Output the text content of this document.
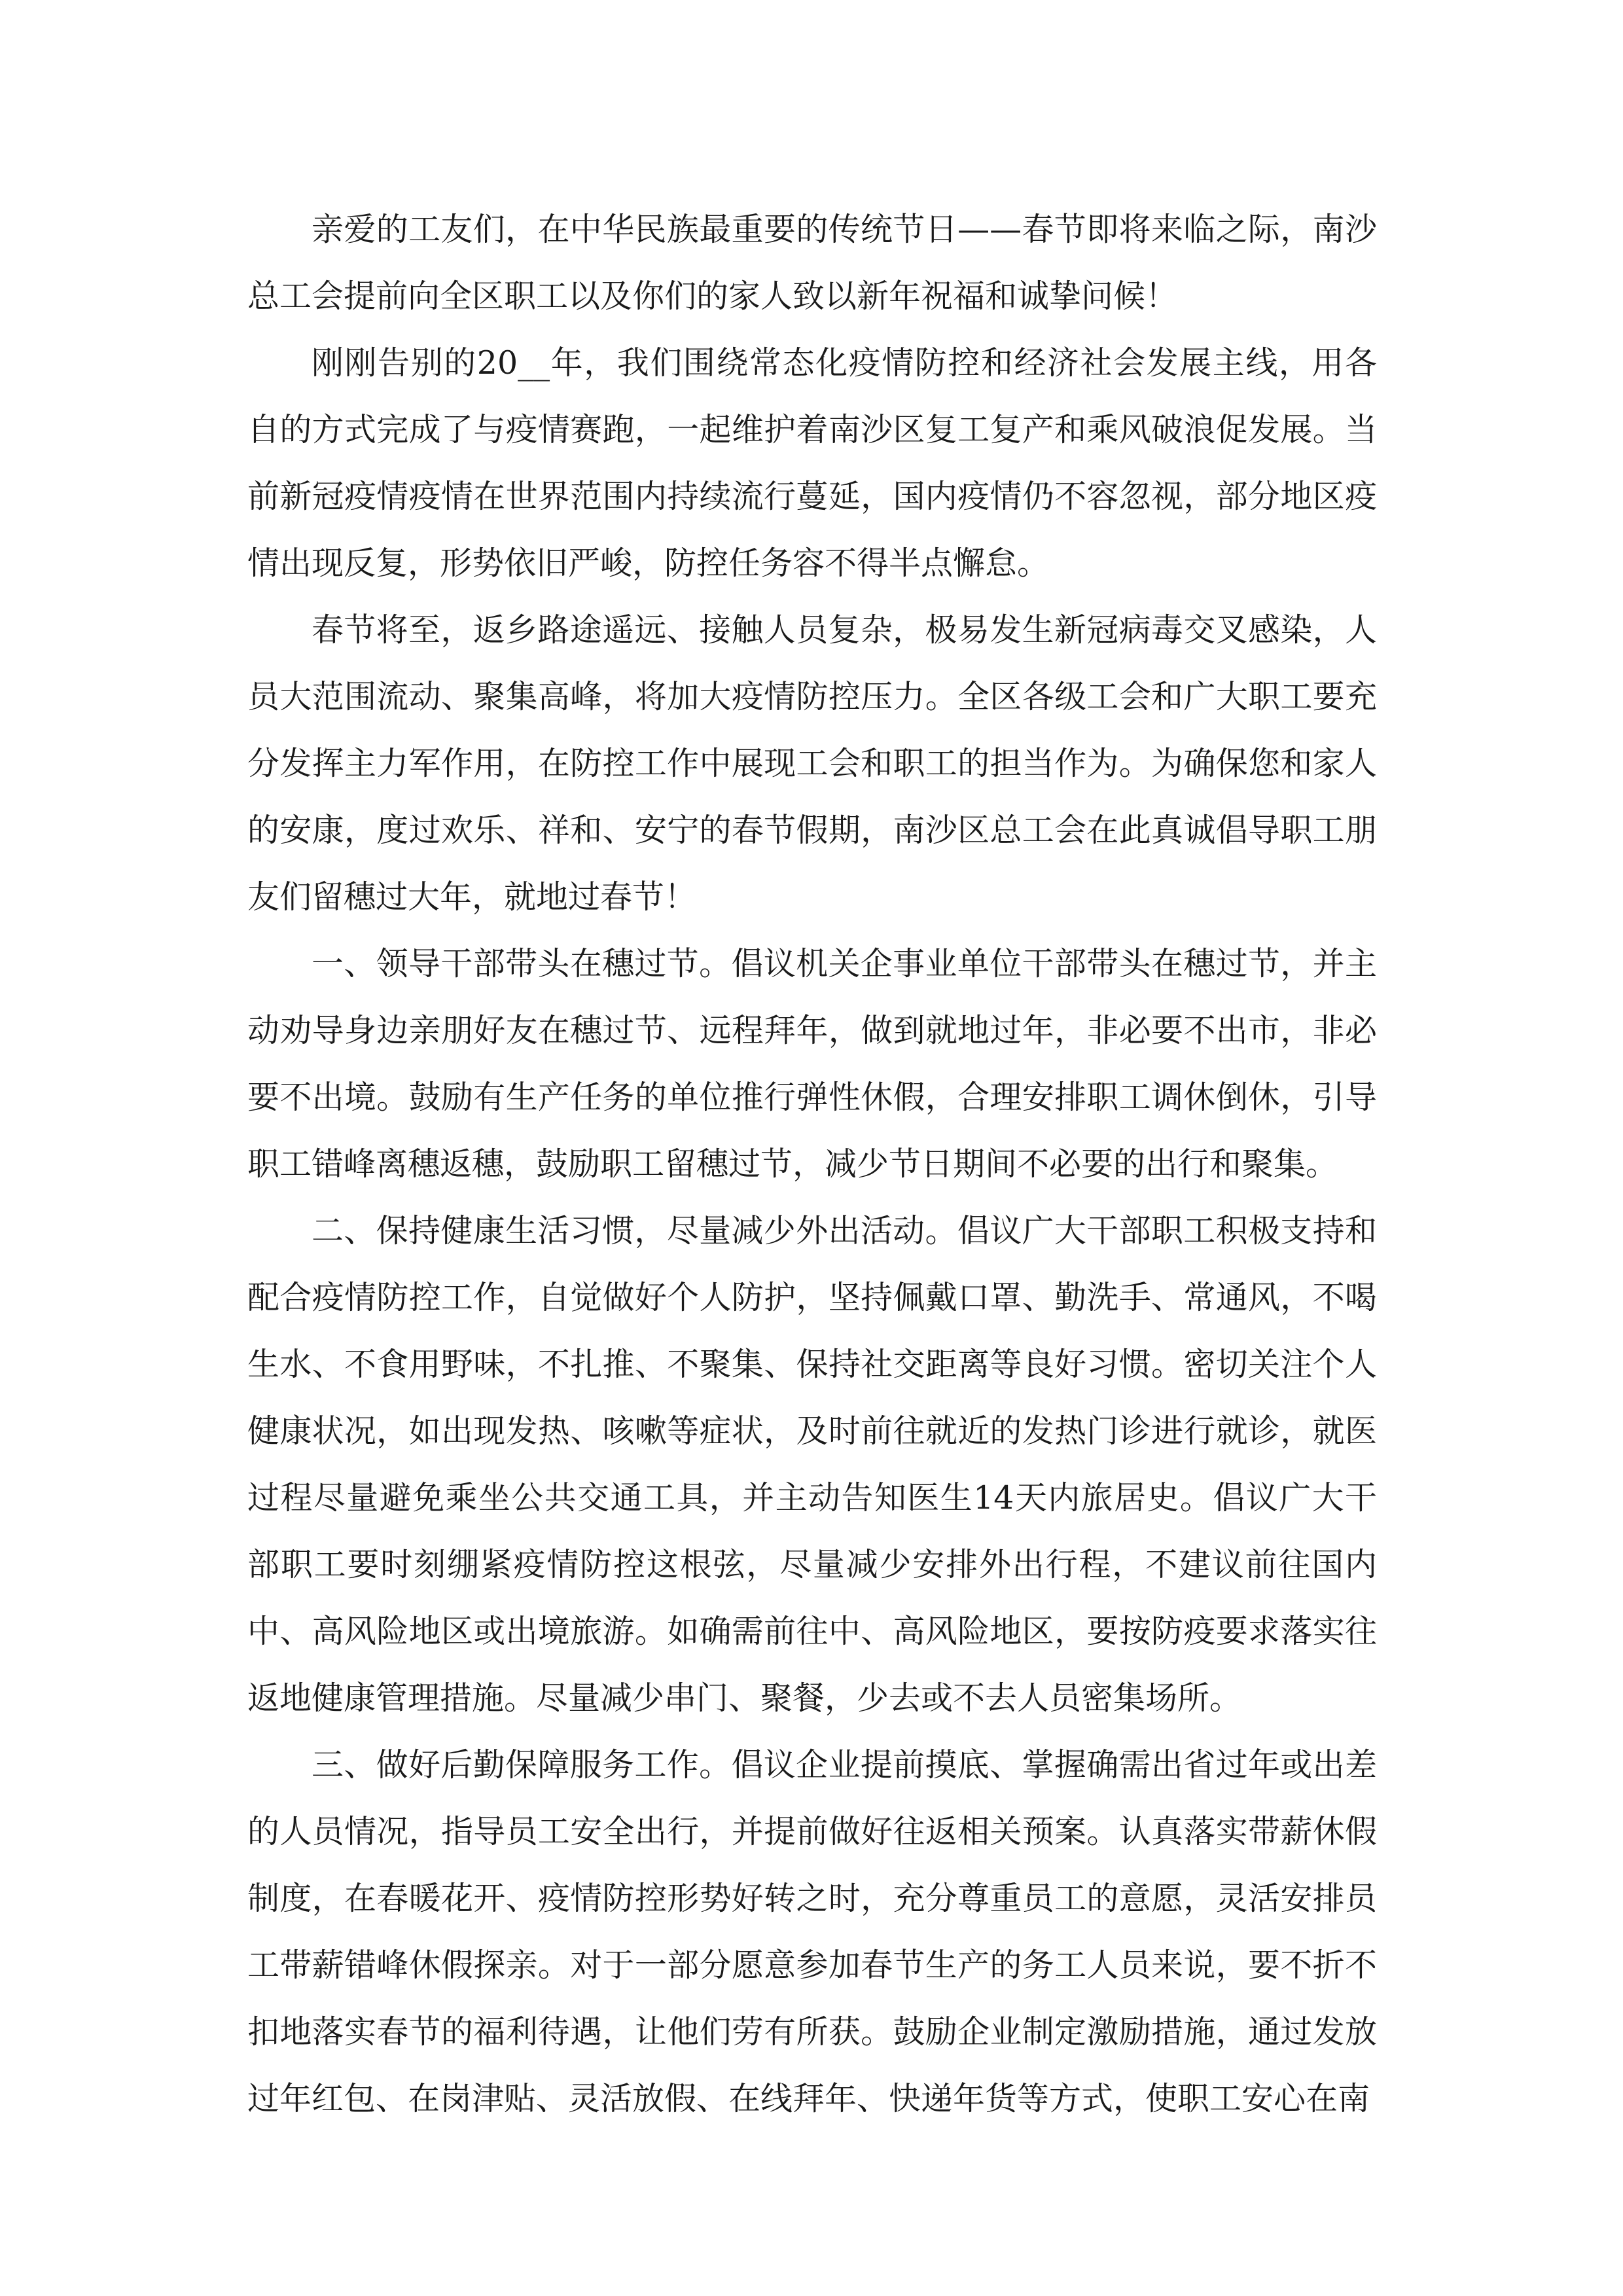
亲爱的工友们，在中华民族最重要的传统节日——春节即将来临之际，南沙总工会提前向全区职工以及你们的家人致以新年祝福和诚挚问候！

刚刚告别的20__年，我们围绕常态化疫情防控和经济社会发展主线，用各自的方式完成了与疫情赛跑，一起维护着南沙区复工复产和乘风破浪促发展。当前新冠疫情疫情在世界范围内持续流行蔓延，国内疫情仍不容忽视，部分地区疫情出现反复，形势依旧严峻，防控任务容不得半点懈怠。

春节将至，返乡路途遥远、接触人员复杂，极易发生新冠病毒交叉感染，人员大范围流动、聚集高峰，将加大疫情防控压力。全区各级工会和广大职工要充分发挥主力军作用，在防控工作中展现工会和职工的担当作为。为确保您和家人的安康，度过欢乐、祥和、安宁的春节假期，南沙区总工会在此真诚倡导职工朋友们留穗过大年，就地过春节！

一、领导干部带头在穗过节。倡议机关企事业单位干部带头在穗过节，并主动劝导身边亲朋好友在穗过节、远程拜年，做到就地过年，非必要不出市，非必要不出境。鼓励有生产任务的单位推行弹性休假，合理安排职工调休倒休，引导职工错峰离穗返穗，鼓励职工留穗过节，减少节日期间不必要的出行和聚集。

二、保持健康生活习惯，尽量减少外出活动。倡议广大干部职工积极支持和配合疫情防控工作，自觉做好个人防护，坚持佩戴口罩、勤洗手、常通风，不喝生水、不食用野味，不扎推、不聚集、保持社交距离等良好习惯。密切关注个人健康状况，如出现发热、咳嗽等症状，及时前往就近的发热门诊进行就诊，就医过程尽量避免乘坐公共交通工具，并主动告知医生14天内旅居史。倡议广大干部职工要时刻绷紧疫情防控这根弦，尽量减少安排外出行程，不建议前往国内中、高风险地区或出境旅游。如确需前往中、高风险地区，要按防疫要求落实往返地健康管理措施。尽量减少串门、聚餐，少去或不去人员密集场所。

三、做好后勤保障服务工作。倡议企业提前摸底、掌握确需出省过年或出差的人员情况，指导员工安全出行，并提前做好往返相关预案。认真落实带薪休假制度，在春暖花开、疫情防控形势好转之时，充分尊重员工的意愿，灵活安排员工带薪错峰休假探亲。对于一部分愿意参加春节生产的务工人员来说，要不折不扣地落实春节的福利待遇，让他们劳有所获。鼓励企业制定激励措施，通过发放过年红包、在岗津贴、灵活放假、在线拜年、快递年货等方式，使职工安心在南
